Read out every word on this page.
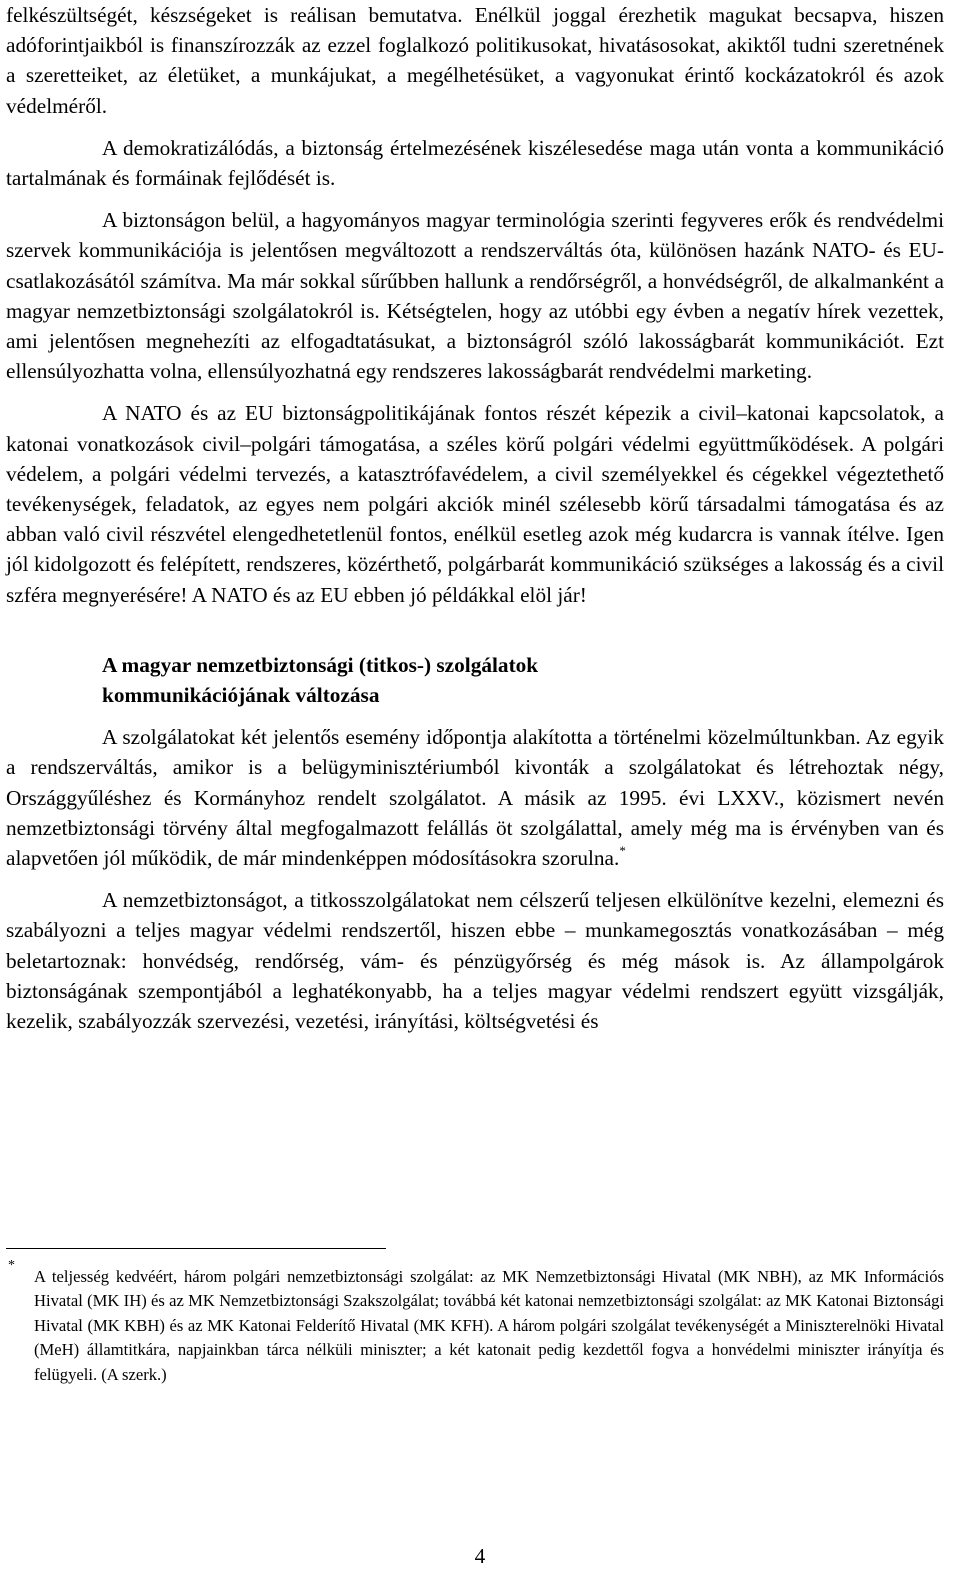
felkészültségét, készségeket is reálisan bemutatva. Enélkül joggal érezhetik magukat becsapva, hiszen adóforintjaikból is finanszírozzák az ezzel foglalkozó politikusokat, hivatásosokat, akiktől tudni szeretnének a szeretteiket, az életüket, a munkájukat, a megélhetésüket, a vagyonukat érintő kockázatokról és azok védelméről.

A demokratizálódás, a biztonság értelmezésének kiszélesedése maga után vonta a kommunikáció tartalmának és formáinak fejlődését is.

A biztonságon belül, a hagyományos magyar terminológia szerinti fegyveres erők és rendvédelmi szervek kommunikációja is jelentősen megváltozott a rendszerváltás óta, különösen hazánk NATO- és EU-csatlakozásától számítva. Ma már sokkal sűrűbben hallunk a rendőrségről, a honvédségről, de alkalmanként a magyar nemzetbiztonsági szolgálatokról is. Kétségtelen, hogy az utóbbi egy évben a negatív hírek vezettek, ami jelentősen megnehezíti az elfogadtatásukat, a biztonságról szóló lakosságbarát kommunikációt. Ezt ellensúlyozhatta volna, ellensúlyozhatná egy rendszeres lakosságbarát rendvédelmi marketing.

A NATO és az EU biztonságpolitikájának fontos részét képezik a civil–katonai kapcsolatok, a katonai vonatkozások civil–polgári támogatása, a széles körű polgári védelmi együttműködések. A polgári védelem, a polgári védelmi tervezés, a katasztrófavédelem, a civil személyekkel és cégekkel végeztethető tevékenységek, feladatok, az egyes nem polgári akciók minél szélesebb körű társadalmi támogatása és az abban való civil részvétel elengedhetetlenül fontos, enélkül esetleg azok még kudarcra is vannak ítélve. Igen jól kidolgozott és felépített, rendszeres, közérthető, polgárbarát kommunikáció szükséges a lakosság és a civil szféra megnyerésére! A NATO és az EU ebben jó példákkal elöl jár!

A magyar nemzetbiztonsági (titkos-) szolgálatok
kommunikációjának változása

A szolgálatokat két jelentős esemény időpontja alakította a történelmi közelmúltunkban. Az egyik a rendszerváltás, amikor is a belügyminisztériumból kivonták a szolgálatokat és létrehoztak négy, Országgyűléshez és Kormányhoz rendelt szolgálatot. A másik az 1995. évi LXXV., közismert nevén nemzetbiztonsági törvény által megfogalmazott felállás öt szolgálattal, amely még ma is érvényben van és alapvetően jól működik, de már mindenképpen módosításokra szorulna.*

A nemzetbiztonságot, a titkosszolgálatokat nem célszerű teljesen elkülönítve kezelni, elemezni és szabályozni a teljes magyar védelmi rendszertől, hiszen ebbe – munkamegosztás vonatkozásában – még beletartoznak: honvédség, rendőrség, vám- és pénzügyőrség és még mások is. Az állampolgárok biztonságának szempontjából a leghatékonyabb, ha a teljes magyar védelmi rendszert együtt vizsgálják, kezelik, szabályozzák szervezési, vezetési, irányítási, költségvetési és

*

A teljesség kedvéért, három polgári nemzetbiztonsági szolgálat: az MK Nemzetbiztonsági Hivatal (MK NBH), az MK Információs Hivatal (MK IH) és az MK Nemzetbiztonsági Szakszolgálat; továbbá két katonai nemzetbiztonsági szolgálat: az MK Katonai Biztonsági Hivatal (MK KBH) és az MK Katonai Felderítő Hivatal (MK KFH). A három polgári szolgálat tevékenységét a Miniszterelnöki Hivatal (MeH) államtitkára, napjainkban tárca nélküli miniszter; a két katonait pedig kezdettől fogva a honvédelmi miniszter irányítja és felügyeli. (A szerk.)

4
